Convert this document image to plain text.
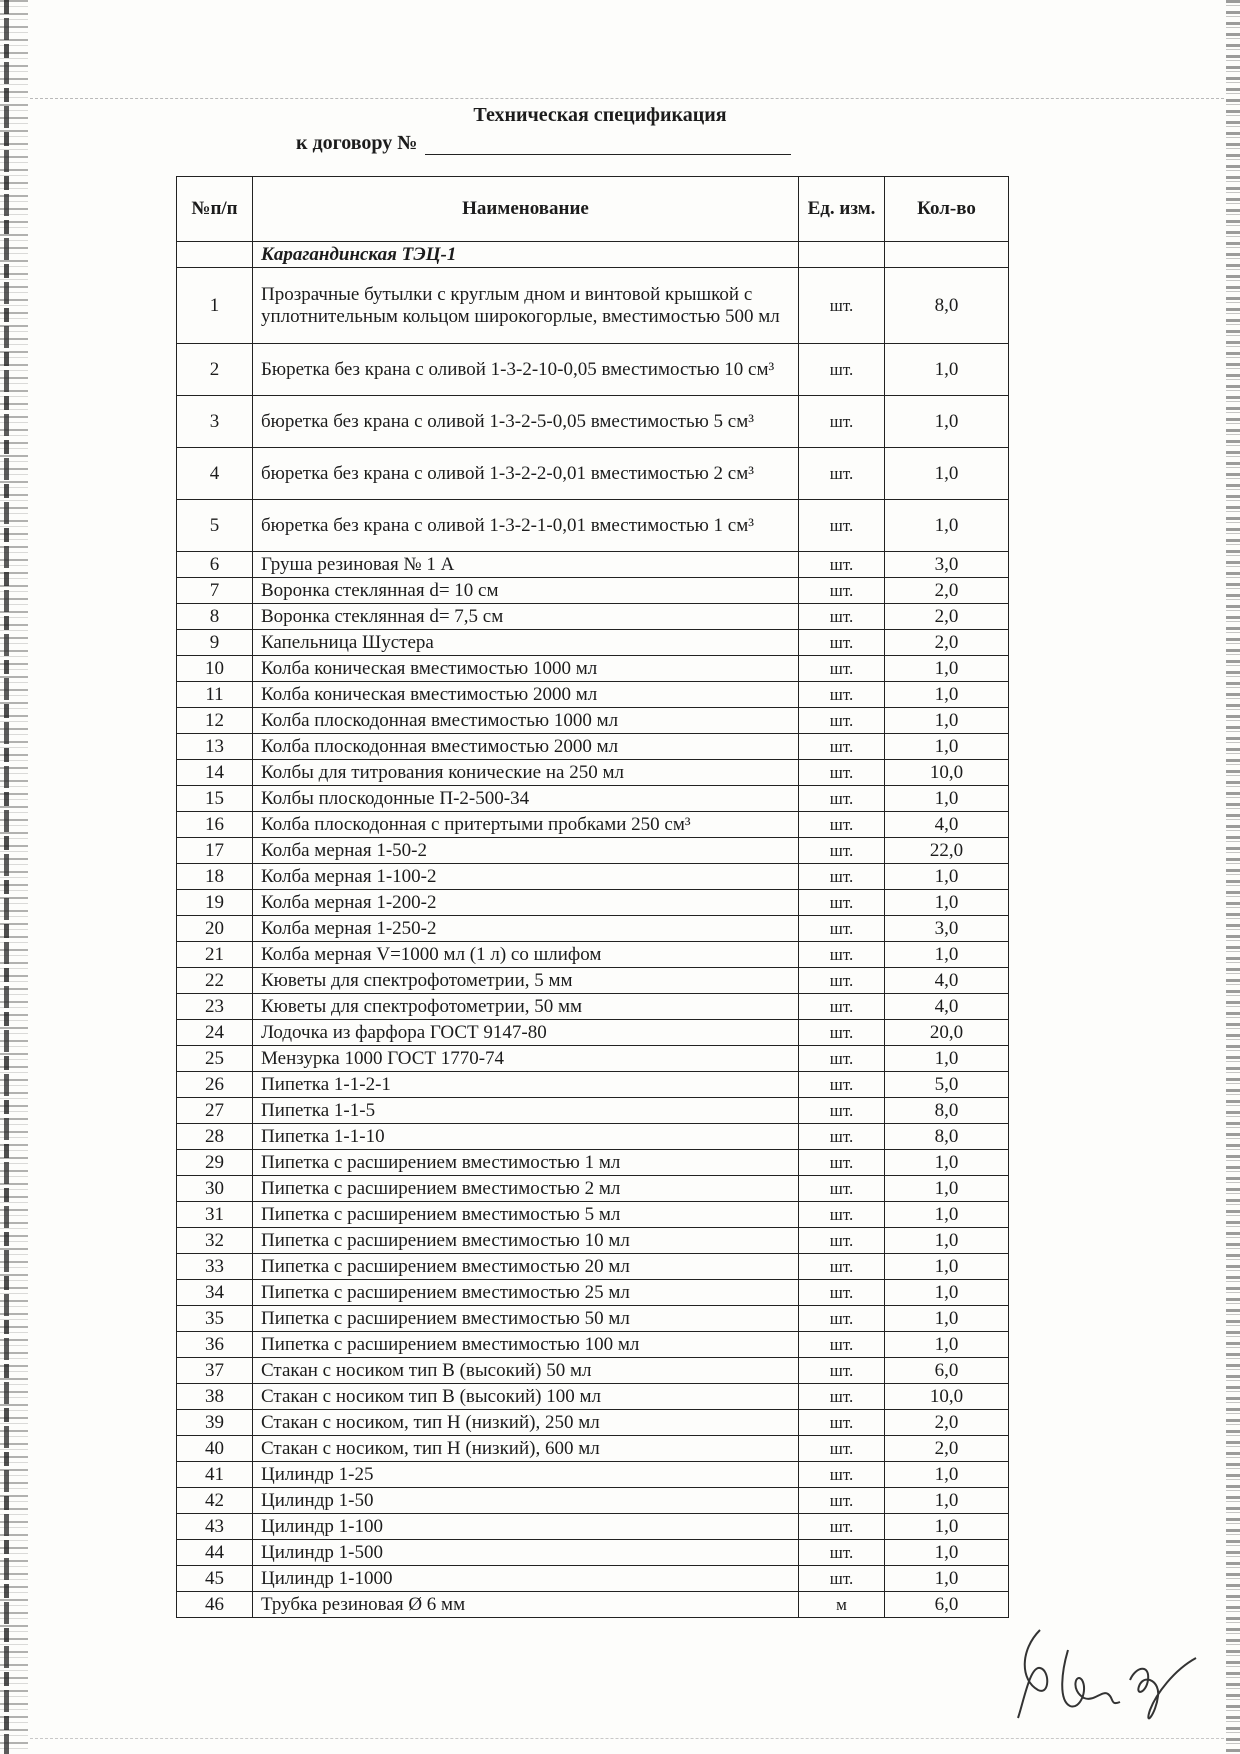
Техническая спецификация
к договору №
№п/п	Наименование	Ед. изм.	Кол-во
	Карагандинская ТЭЦ-1		
1	Прозрачные бутылки с круглым дном и винтовой крышкой с уплотнительным кольцом широкогорлые, вместимостью 500 мл	шт.	8,0
2	Бюретка без крана с оливой 1-3-2-10-0,05 вместимостью 10 см³	шт.	1,0
3	бюретка без крана с оливой 1-3-2-5-0,05 вместимостью 5 см³	шт.	1,0
4	бюретка без крана с оливой 1-3-2-2-0,01 вместимостью 2 см³	шт.	1,0
5	бюретка без крана с оливой 1-3-2-1-0,01 вместимостью 1 см³	шт.	1,0
6	Груша резиновая № 1 А	шт.	3,0
7	Воронка стеклянная d= 10 см	шт.	2,0
8	Воронка стеклянная d= 7,5 см	шт.	2,0
9	Капельница Шустера	шт.	2,0
10	Колба коническая вместимостью 1000 мл	шт.	1,0
11	Колба коническая вместимостью 2000 мл	шт.	1,0
12	Колба плоскодонная вместимостью 1000 мл	шт.	1,0
13	Колба плоскодонная вместимостью 2000 мл	шт.	1,0
14	Колбы для титрования конические на 250 мл	шт.	10,0
15	Колбы плоскодонные П-2-500-34	шт.	1,0
16	Колба плоскодонная с притертыми пробками 250 см³	шт.	4,0
17	Колба мерная 1-50-2	шт.	22,0
18	Колба мерная 1-100-2	шт.	1,0
19	Колба мерная 1-200-2	шт.	1,0
20	Колба мерная 1-250-2	шт.	3,0
21	Колба мерная V=1000 мл (1 л) со шлифом	шт.	1,0
22	Кюветы для спектрофотометрии, 5 мм	шт.	4,0
23	Кюветы для спектрофотометрии, 50 мм	шт.	4,0
24	Лодочка из фарфора ГОСТ 9147-80	шт.	20,0
25	Мензурка 1000 ГОСТ 1770-74	шт.	1,0
26	Пипетка 1-1-2-1	шт.	5,0
27	Пипетка 1-1-5	шт.	8,0
28	Пипетка 1-1-10	шт.	8,0
29	Пипетка с расширением вместимостью 1 мл	шт.	1,0
30	Пипетка с расширением вместимостью 2 мл	шт.	1,0
31	Пипетка с расширением вместимостью 5 мл	шт.	1,0
32	Пипетка с расширением вместимостью 10 мл	шт.	1,0
33	Пипетка с расширением вместимостью 20 мл	шт.	1,0
34	Пипетка с расширением вместимостью 25 мл	шт.	1,0
35	Пипетка с расширением вместимостью 50 мл	шт.	1,0
36	Пипетка с расширением вместимостью 100 мл	шт.	1,0
37	Стакан с носиком тип В (высокий) 50 мл	шт.	6,0
38	Стакан с носиком тип В (высокий) 100 мл	шт.	10,0
39	Стакан с носиком, тип Н (низкий), 250 мл	шт.	2,0
40	Стакан с носиком, тип Н (низкий), 600 мл	шт.	2,0
41	Цилиндр 1-25	шт.	1,0
42	Цилиндр 1-50	шт.	1,0
43	Цилиндр 1-100	шт.	1,0
44	Цилиндр 1-500	шт.	1,0
45	Цилиндр 1-1000	шт.	1,0
46	Трубка резиновая Ø 6 мм	м	6,0
